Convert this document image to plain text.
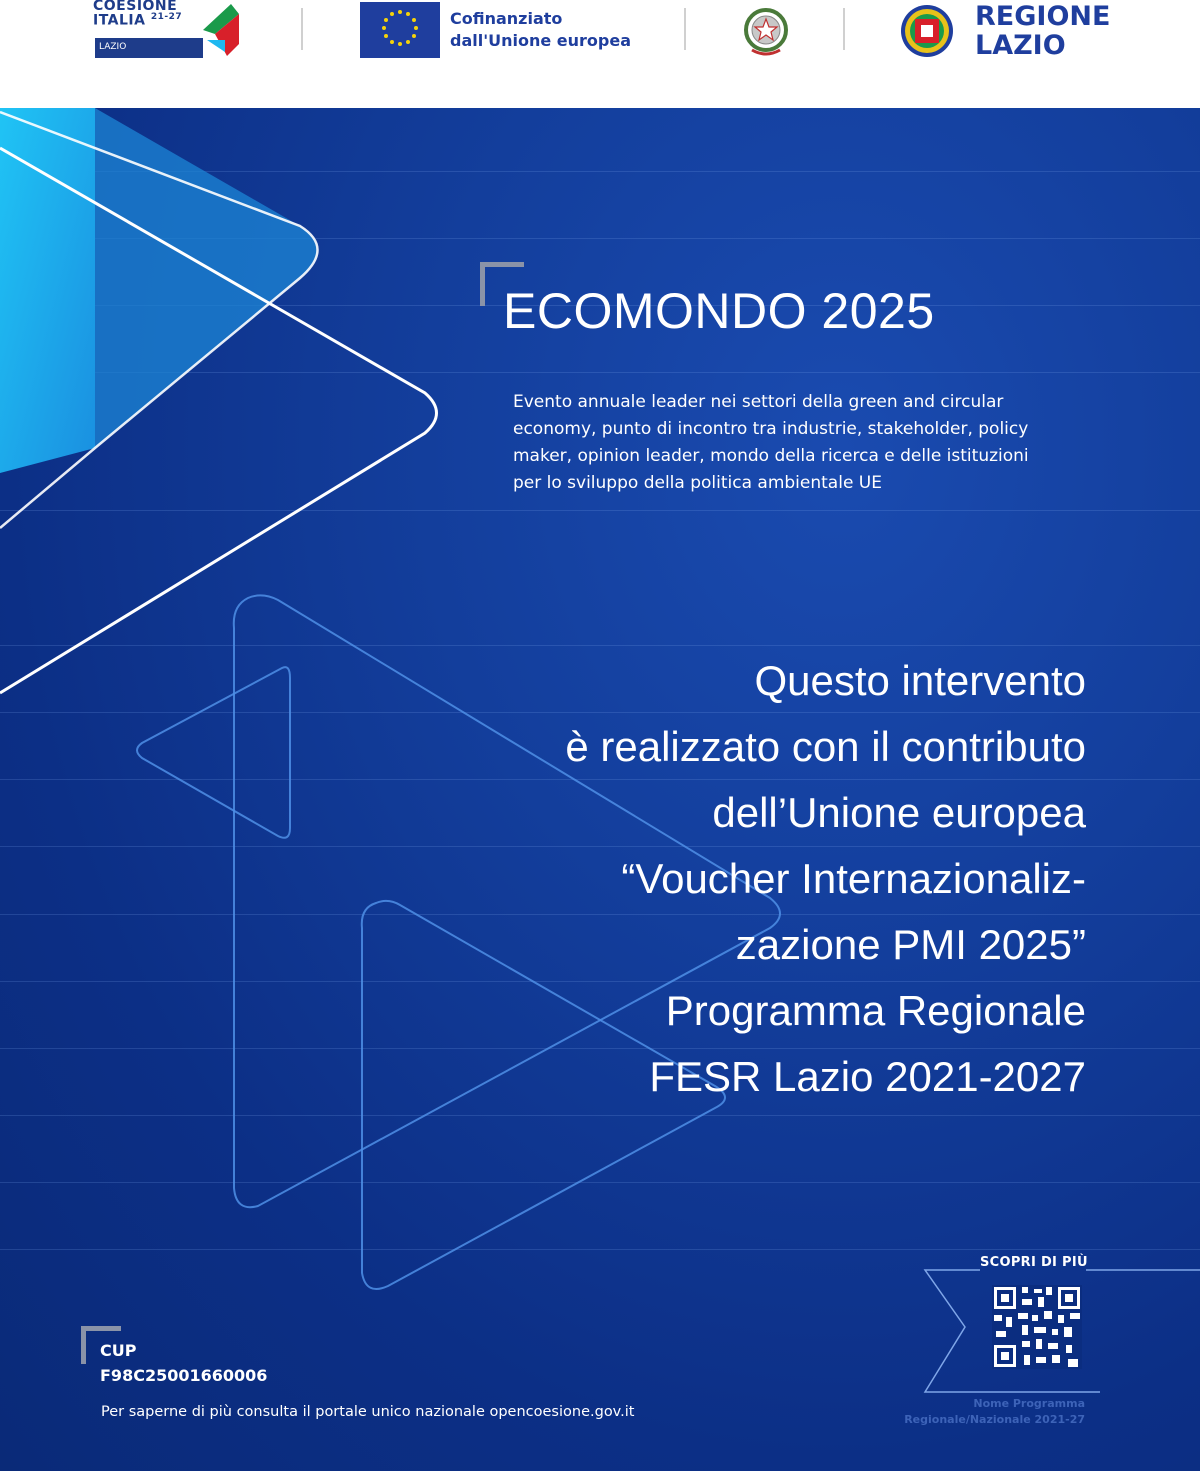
COESIONE
ITALIA $^{21-27}$
LAZIO
Cofinanziato
dall'Unione europea
REGIONE
LAZIO
ECOMONDO 2025
Evento annuale leader nei settori della green and circular
economy, punto di incontro tra industrie, stakeholder, policy
maker, opinion leader, mondo della ricerca e delle istituzioni
per lo sviluppo della politica ambientale UE
Questo intervento
è realizzato con il contributo
dell’Unione europea
“Voucher Internazionaliz-
zazione PMI 2025”
Programma Regionale
FESR Lazio 2021-2027
CUP
F98C25001660006
Per saperne di più consulta il portale unico nazionale opencoesione.gov.it
SCOPRI DI PIÙ
Nome Programma
Regionale/Nazionale 2021-27
